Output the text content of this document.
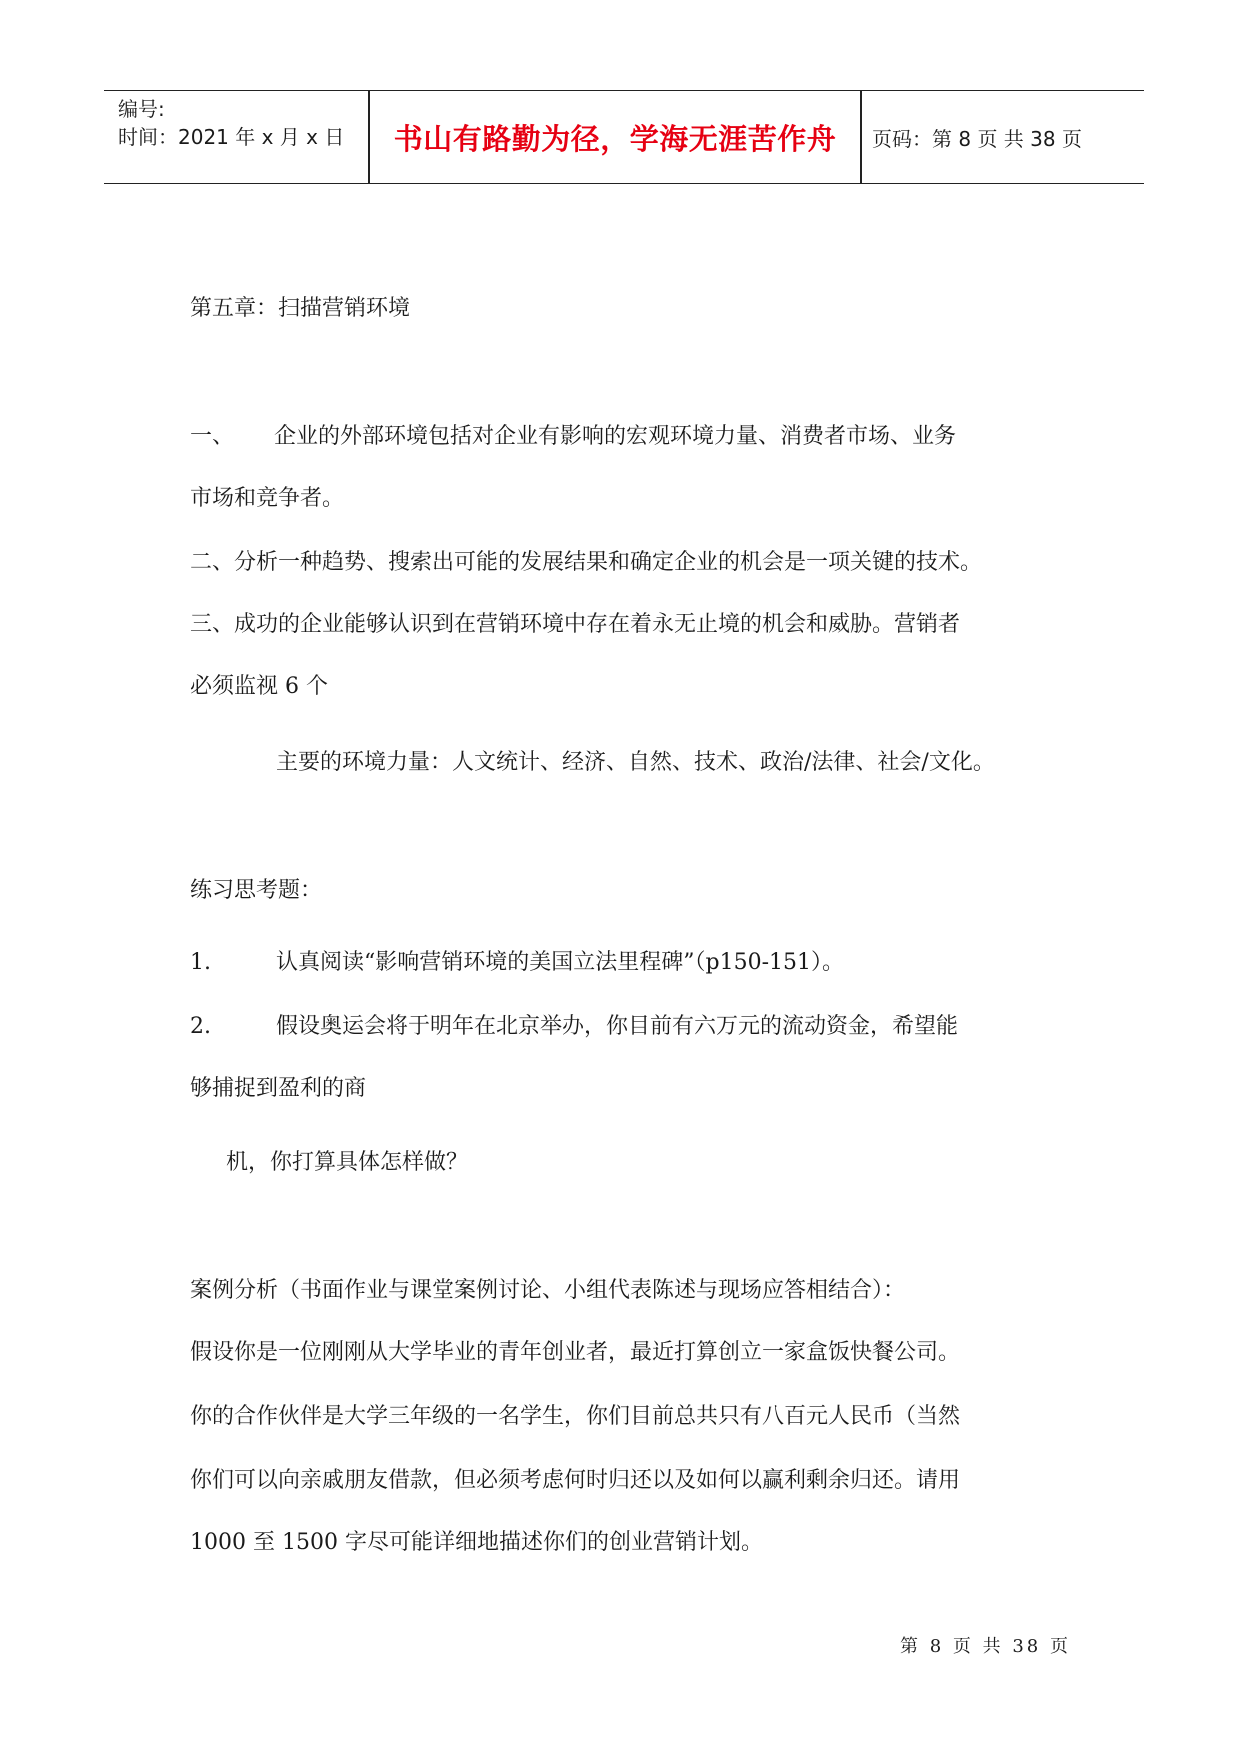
编号:
时间：2021 年 x 月 x 日	书山有路勤为径，学海无涯苦作舟	页码：第 8 页 共 38 页
第五章：扫描营销环境
一、 企业的外部环境包括对企业有影响的宏观环境力量、消费者市场、业务
市场和竞争者。
二、分析一种趋势、搜索出可能的发展结果和确定企业的机会是一项关键的技术。
三、成功的企业能够认识到在营销环境中存在着永无止境的机会和威胁。营销者
必须监视 6 个
主要的环境力量：人文统计、经济、自然、技术、政治/法律、社会/文化。
练习思考题：
1.	认真阅读“影响营销环境的美国立法里程碑”（p150-151）。
2.	假设奥运会将于明年在北京举办，你目前有六万元的流动资金，希望能
够捕捉到盈利的商
机，你打算具体怎样做？
案例分析（书面作业与课堂案例讨论、小组代表陈述与现场应答相结合）：
假设你是一位刚刚从大学毕业的青年创业者，最近打算创立一家盒饭快餐公司。
你的合作伙伴是大学三年级的一名学生，你们目前总共只有八百元人民币（当然
你们可以向亲戚朋友借款，但必须考虑何时归还以及如何以赢利剩余归还。请用
1000 至 1500 字尽可能详细地描述你们的创业营销计划。
第 8 页 共 38 页
